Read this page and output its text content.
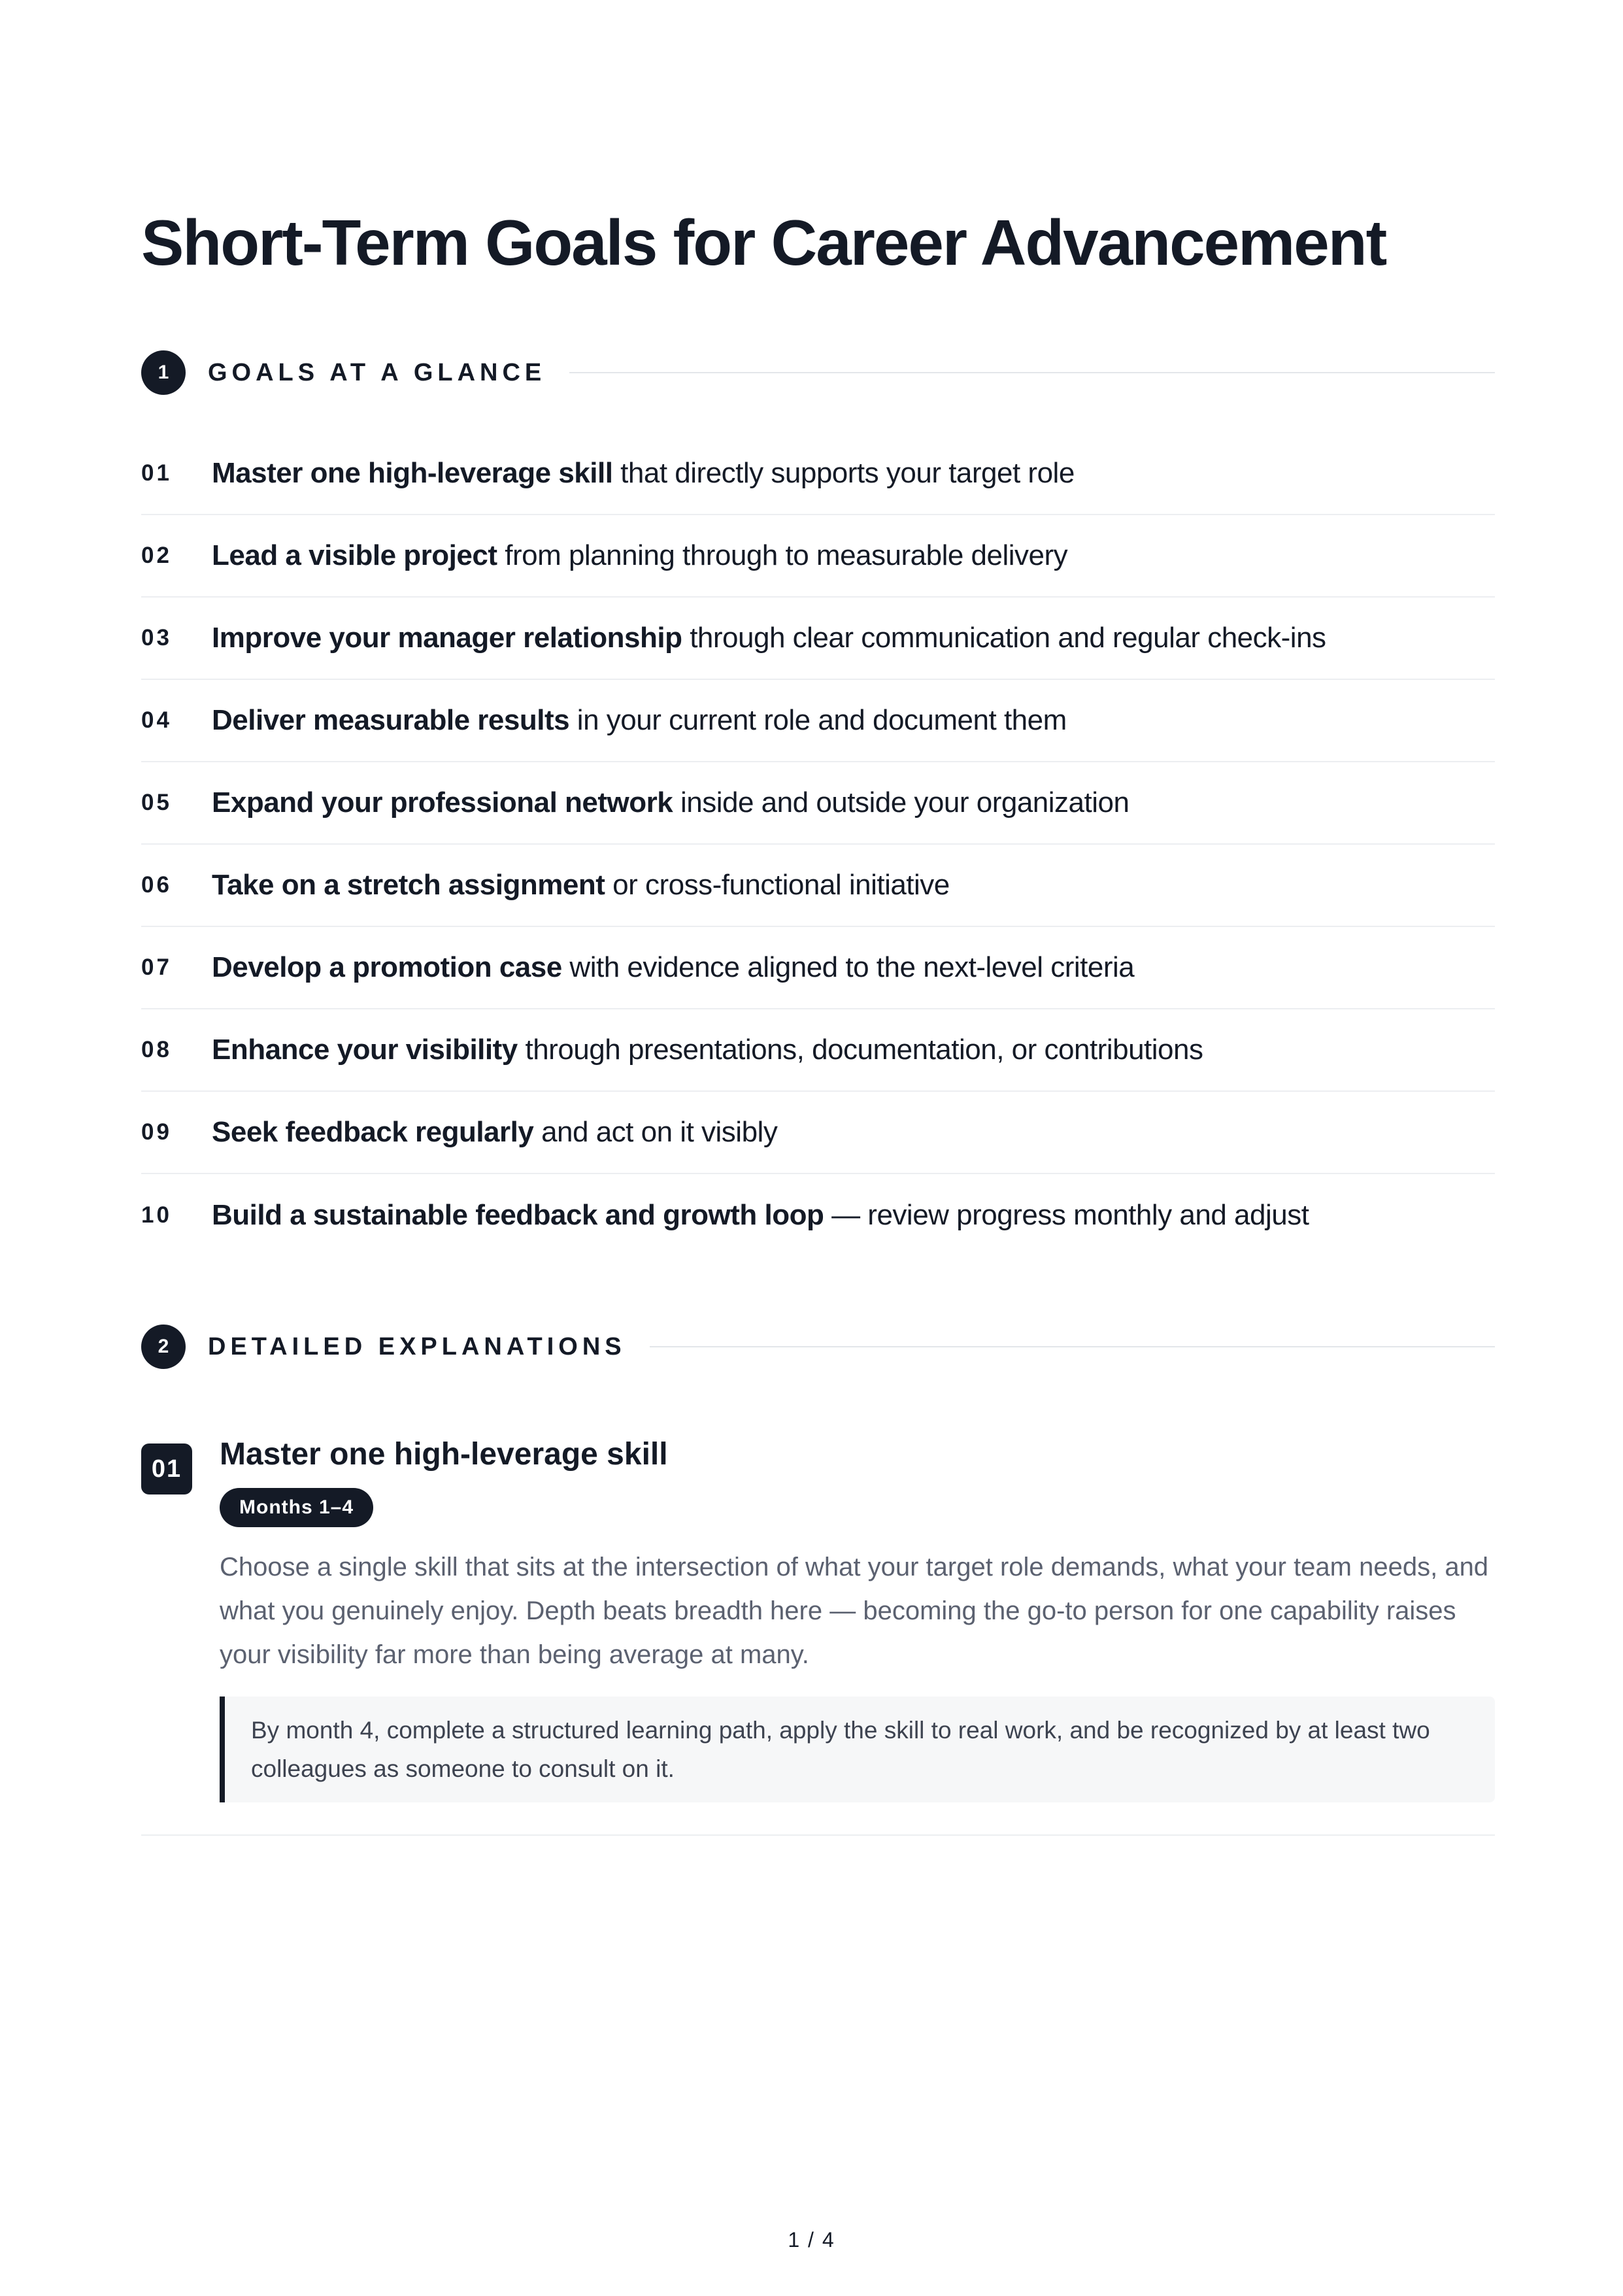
Short-Term Goals for Career Advancement
1	GOALS AT A GLANCE
01	Master one high-leverage skill that directly supports your target role
02	Lead a visible project from planning through to measurable delivery
03	Improve your manager relationship through clear communication and regular check-ins
04	Deliver measurable results in your current role and document them
05	Expand your professional network inside and outside your organization
06	Take on a stretch assignment or cross-functional initiative
07	Develop a promotion case with evidence aligned to the next-level criteria
08	Enhance your visibility through presentations, documentation, or contributions
09	Seek feedback regularly and act on it visibly
10	Build a sustainable feedback and growth loop — review progress monthly and adjust
2	DETAILED EXPLANATIONS
01	Master one high-leverage skill
Months 1–4

Choose a single skill that sits at the intersection of what your target role demands, what your team needs, and what you genuinely enjoy. Depth beats breadth here — becoming the go-to person for one capability raises your visibility far more than being average at many.

By month 4, complete a structured learning path, apply the skill to real work, and be recognized by at least two colleagues as someone to consult on it.
1 / 4
